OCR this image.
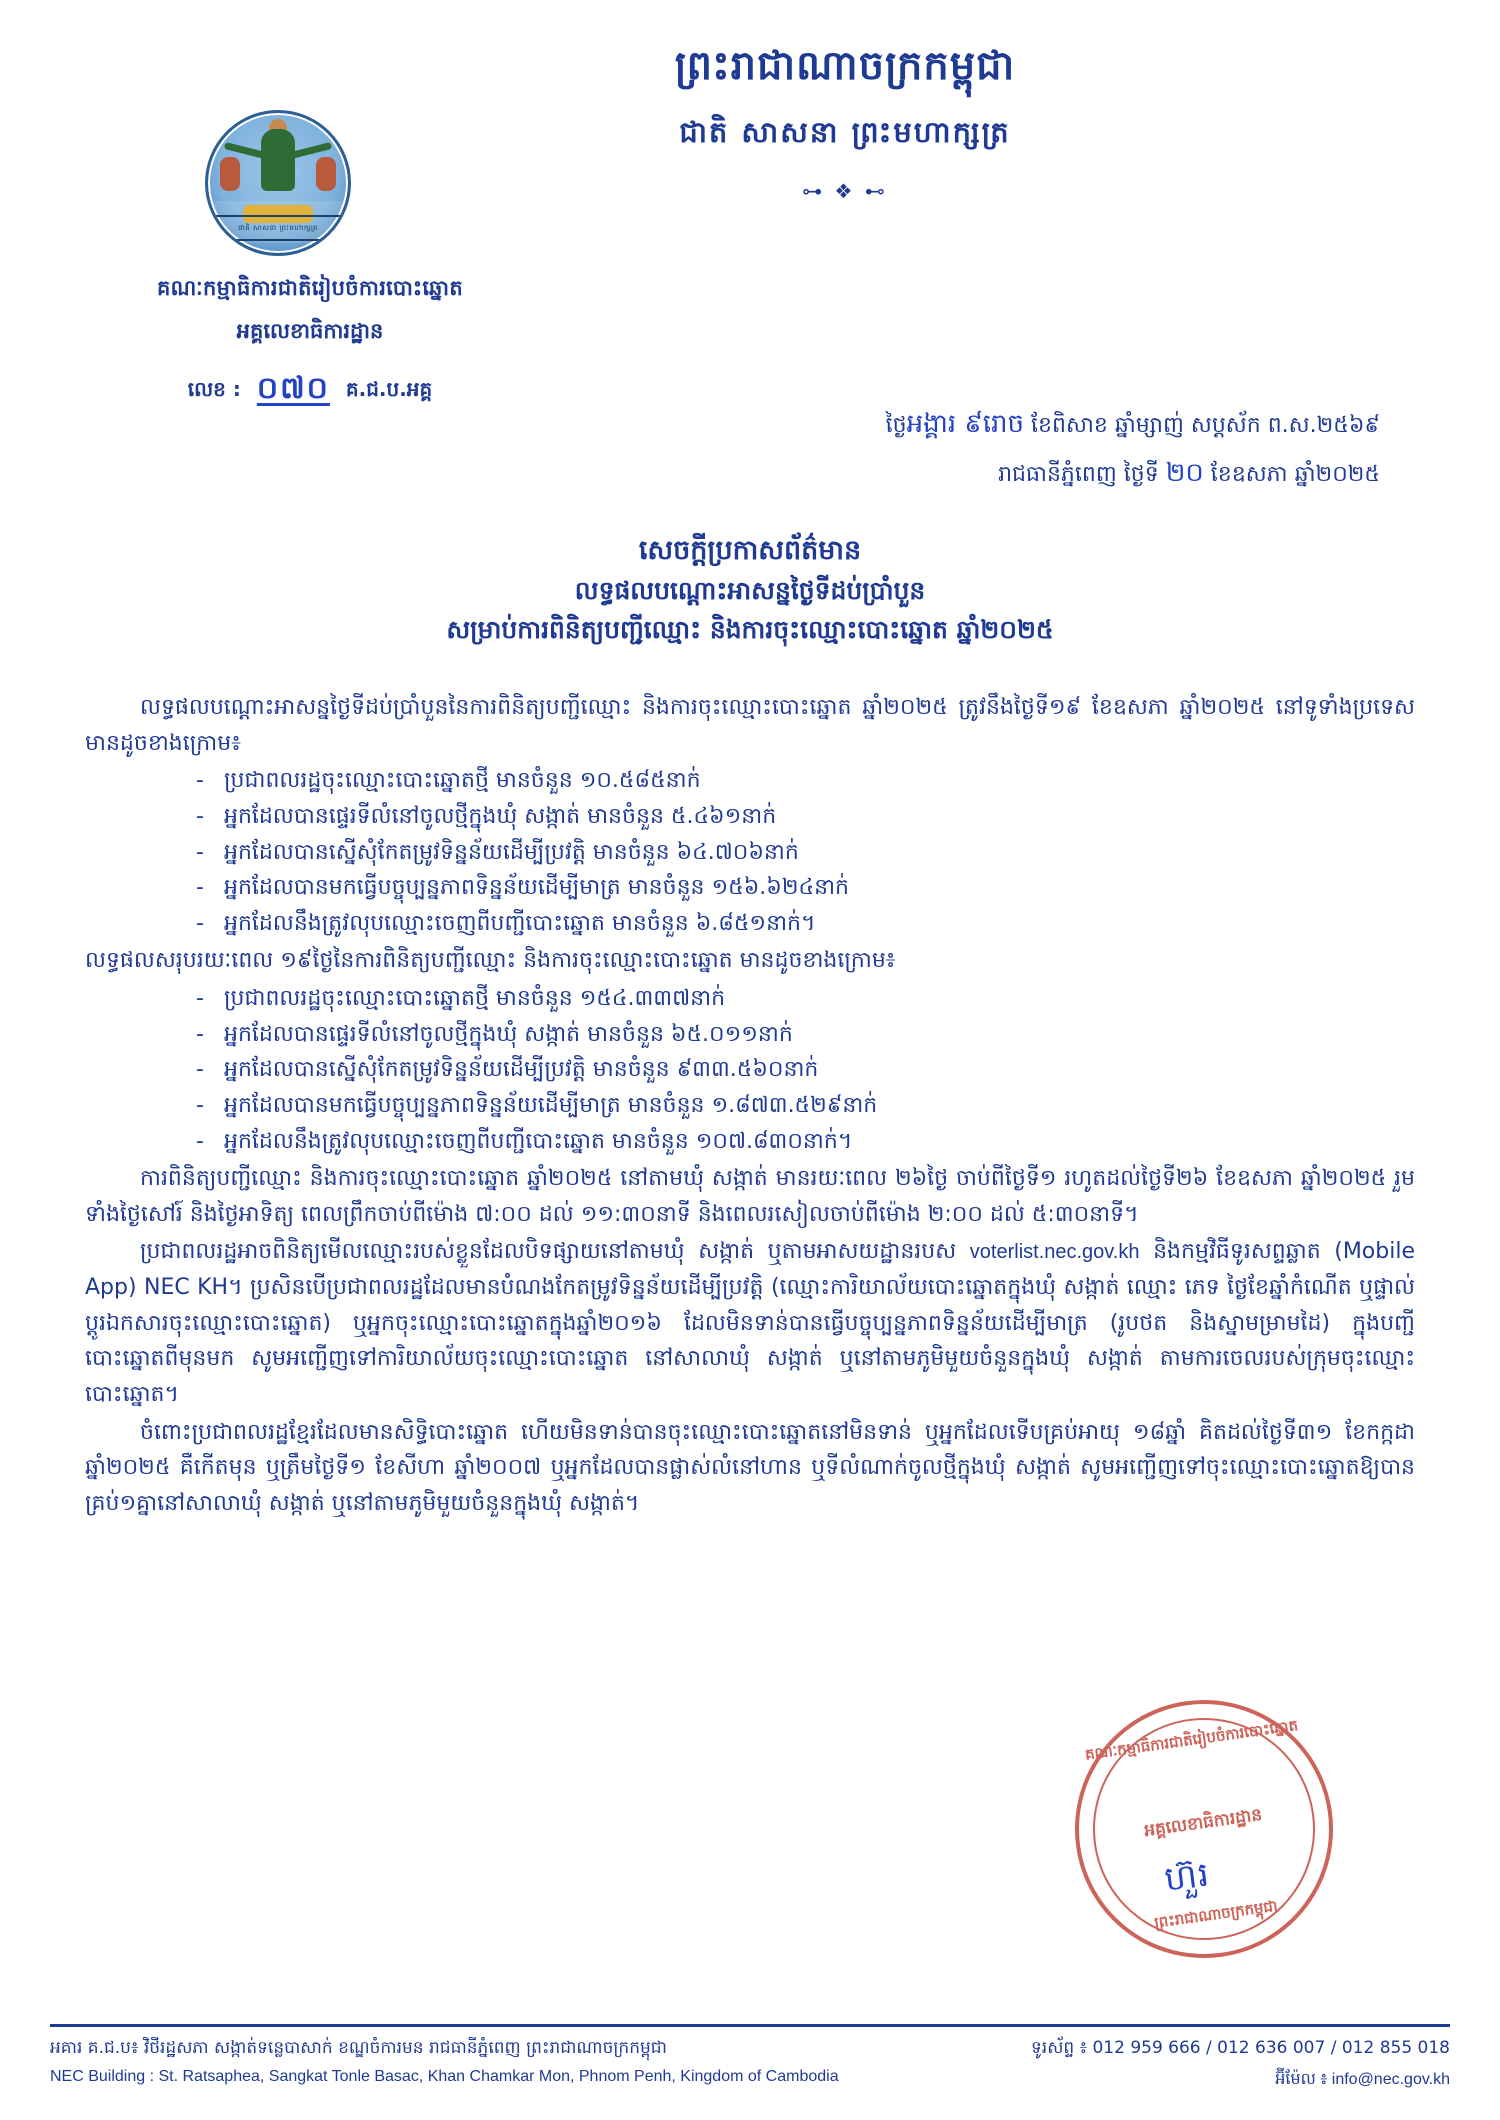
ជាតិ សាសនា ព្រះមហាក្សត្រ
ព្រះរាជាណាចក្រកម្ពុជា
ជាតិ សាសនា ព្រះមហាក្សត្រ
⊶ ❖ ⊷
គណៈកម្មាធិការជាតិរៀបចំការបោះឆ្នោត
អគ្គលេខាធិការដ្ឋាន
លេខ : ០៧០ គ.ជ.ប.អគ្គ
ថ្ងៃអង្គារ ៩រោច ខែពិសាខ ឆ្នាំម្សាញ់ សប្តស័ក ព.ស.២៥៦៩
រាជធានីភ្នំពេញ ថ្ងៃទី ២០ ខែឧសភា ឆ្នាំ២០២៥
សេចក្តីប្រកាសព័ត៌មាន
លទ្ធផលបណ្តោះអាសន្នថ្ងៃទីដប់ប្រាំបួន
សម្រាប់ការពិនិត្យបញ្ជីឈ្មោះ និងការចុះឈ្មោះបោះឆ្នោត ឆ្នាំ២០២៥

លទ្ធផលបណ្តោះអាសន្នថ្ងៃទីដប់ប្រាំបួននៃការពិនិត្យបញ្ជីឈ្មោះ និងការចុះឈ្មោះបោះឆ្នោត ឆ្នាំ២០២៥ ត្រូវនឹងថ្ងៃទី១៩ ខែឧសភា ឆ្នាំ២០២៥ នៅទូទាំងប្រទេស មានដូចខាងក្រោម៖

- ប្រជាពលរដ្ឋចុះឈ្មោះបោះឆ្នោតថ្មី មានចំនួន ១០.៥៨៥នាក់
- អ្នកដែលបានផ្ទេរទីលំនៅចូលថ្មីក្នុងឃុំ សង្កាត់ មានចំនួន ៥.៤៦១នាក់
- អ្នកដែលបានស្នើសុំកែតម្រូវទិន្នន័យដើម្បីប្រវត្តិ មានចំនួន ៦៤.៧០៦នាក់
- អ្នកដែលបានមកធ្វើបច្ចុប្បន្នភាពទិន្នន័យដើម្បីមាត្រ មានចំនួន ១៥៦.៦២៤នាក់
- អ្នកដែលនឹងត្រូវលុបឈ្មោះចេញពីបញ្ជីបោះឆ្នោត មានចំនួន ៦.៨៥១នាក់។

លទ្ធផលសរុបរយៈពេល ១៩ថ្ងៃនៃការពិនិត្យបញ្ជីឈ្មោះ និងការចុះឈ្មោះបោះឆ្នោត មានដូចខាងក្រោម៖

- ប្រជាពលរដ្ឋចុះឈ្មោះបោះឆ្នោតថ្មី មានចំនួន ១៥៤.៣៣៧នាក់
- អ្នកដែលបានផ្ទេរទីលំនៅចូលថ្មីក្នុងឃុំ សង្កាត់ មានចំនួន ៦៥.០១១នាក់
- អ្នកដែលបានស្នើសុំកែតម្រូវទិន្នន័យដើម្បីប្រវត្តិ មានចំនួន ៩៣៣.៥៦០នាក់
- អ្នកដែលបានមកធ្វើបច្ចុប្បន្នភាពទិន្នន័យដើម្បីមាត្រ មានចំនួន ១.៨៧៣.៥២៩នាក់
- អ្នកដែលនឹងត្រូវលុបឈ្មោះចេញពីបញ្ជីបោះឆ្នោត មានចំនួន ១០៧.៨៣០នាក់។

ការពិនិត្យបញ្ជីឈ្មោះ និងការចុះឈ្មោះបោះឆ្នោត ឆ្នាំ២០២៥ នៅតាមឃុំ សង្កាត់ មានរយៈពេល ២៦ថ្ងៃ ចាប់ពីថ្ងៃទី១ រហូតដល់ថ្ងៃទី២៦ ខែឧសភា ឆ្នាំ២០២៥ រួមទាំងថ្ងៃសៅរ៍ និងថ្ងៃអាទិត្យ ពេលព្រឹកចាប់ពីម៉ោង ៧:០០ ដល់ ១១:៣០នាទី និងពេលរសៀលចាប់ពីម៉ោង ២:០០ ដល់ ៥:៣០នាទី។

ប្រជាពលរដ្ឋអាចពិនិត្យមើលឈ្មោះរបស់ខ្លួនដែលបិទផ្សាយនៅតាមឃុំ សង្កាត់ ឬតាមអាសយដ្ឋានរបស voterlist.nec.gov.kh និងកម្មវិធីទូរសព្ទឆ្លាត (Mobile App) NEC KH។ ប្រសិនបើប្រជាពលរដ្ឋដែលមានបំណងកែតម្រូវទិន្នន័យដើម្បីប្រវត្តិ (ឈ្មោះការិយាល័យបោះឆ្នោតក្នុងឃុំ សង្កាត់ ឈ្មោះ ភេទ ថ្ងៃខែឆ្នាំកំណើត ឬផ្ទាល់ប្តូរឯកសារចុះឈ្មោះបោះឆ្នោត) ឬអ្នកចុះឈ្មោះបោះឆ្នោតក្នុងឆ្នាំ២០១៦ ដែលមិនទាន់បានធ្វើបច្ចុប្បន្នភាពទិន្នន័យដើម្បីមាត្រ (រូបថត និងស្នាមម្រាមដៃ) ក្នុងបញ្ជីបោះឆ្នោតពីមុនមក សូមអញ្ជើញទៅការិយាល័យចុះឈ្មោះបោះឆ្នោត នៅសាលាឃុំ សង្កាត់ ឬនៅតាមភូមិមួយចំនួនក្នុងឃុំ សង្កាត់ តាមការចេលរបស់ក្រុមចុះឈ្មោះបោះឆ្នោត។

ចំពោះប្រជាពលរដ្ឋខ្មែរដែលមានសិទ្ធិបោះឆ្នោត ហើយមិនទាន់បានចុះឈ្មោះបោះឆ្នោតនៅមិនទាន់ ឬអ្នកដែលទើបគ្រប់អាយុ ១៨ឆ្នាំ គិតដល់ថ្ងៃទី៣១ ខែកក្កដា ឆ្នាំ២០២៥ គឺកើតមុន ឬត្រឹមថ្ងៃទី១ ខែសីហា ឆ្នាំ២០០៧ ឬអ្នកដែលបានផ្លាស់លំនៅហាន ឬទីលំណាក់ចូលថ្មីក្នុងឃុំ សង្កាត់ សូមអញ្ជើញទៅចុះឈ្មោះបោះឆ្នោតឱ្យបានគ្រប់១គ្នានៅសាលាឃុំ សង្កាត់ ឬនៅតាមភូមិមួយចំនួនក្នុងឃុំ សង្កាត់។

គណៈកម្មាធិការជាតិរៀបចំការបោះឆ្នោត
អគ្គលេខាធិការដ្ឋាន
ព្រះរាជាណាចក្រកម្ពុជា
ហ៊ួរ
អគារ គ.ជ.ប៖ វិថីរដ្ឋសភា សង្កាត់ទន្លេបាសាក់ ខណ្ឌចំការមន រាជធានីភ្នំពេញ ព្រះរាជាណាចក្រកម្ពុជា	ទូរស័ព្ទ ៖ 012 959 666 / 012 636 007 / 012 855 018
NEC Building : St. Ratsaphea, Sangkat Tonle Basac, Khan Chamkar Mon, Phnom Penh, Kingdom of Cambodia	អ៊ីម៉ែល ៖ info@nec.gov.kh
